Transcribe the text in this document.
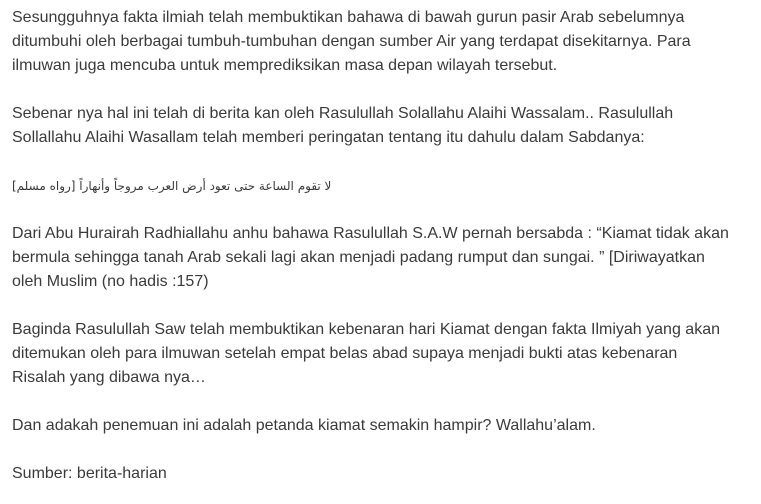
Sesungguhnya fakta ilmiah telah membuktikan bahawa di bawah gurun pasir Arab sebelumnya
ditumbuhi oleh berbagai tumbuh-tumbuhan dengan sumber Air yang terdapat disekitarnya. Para
ilmuwan juga mencuba untuk memprediksikan masa depan wilayah tersebut.

Sebenar nya hal ini telah di berita kan oleh Rasulullah Solallahu Alaihi Wassalam.. Rasulullah
Sollallahu Alaihi Wasallam telah memberi peringatan tentang itu dahulu dalam Sabdanya:

لا تقوم الساعة حتى تعود أرض العرب مروجاً وأنهاراً [رواه مسلم]

Dari Abu Hurairah Radhiallahu anhu bahawa Rasulullah S.A.W pernah bersabda : “Kiamat tidak akan
bermula sehingga tanah Arab sekali lagi akan menjadi padang rumput dan sungai. ” [Diriwayatkan
oleh Muslim (no hadis :157)

Baginda Rasulullah Saw telah membuktikan kebenaran hari Kiamat dengan fakta Ilmiyah yang akan
ditemukan oleh para ilmuwan setelah empat belas abad supaya menjadi bukti atas kebenaran
Risalah yang dibawa nya…

Dan adakah penemuan ini adalah petanda kiamat semakin hampir? Wallahu’alam.

Sumber: berita-harian
